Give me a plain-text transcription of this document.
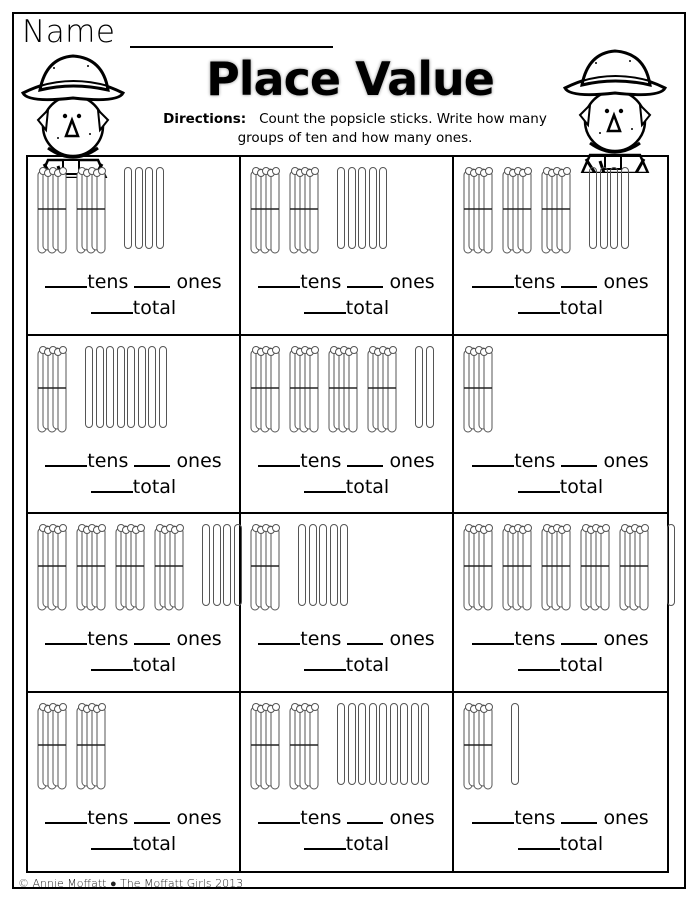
Name
Place Value
Directions: Count the popsicle sticks. Write how many
groups of ten and how many ones.
tens	ones
total
tens	ones
total
tens	ones
total
tens	ones
total
tens	ones
total
tens	ones
total
tens	ones
total
tens	ones
total
tens	ones
total
tens	ones
total
tens	ones
total
tens	ones
total
© Annie Moffatt ● The Moffatt Girls 2013
